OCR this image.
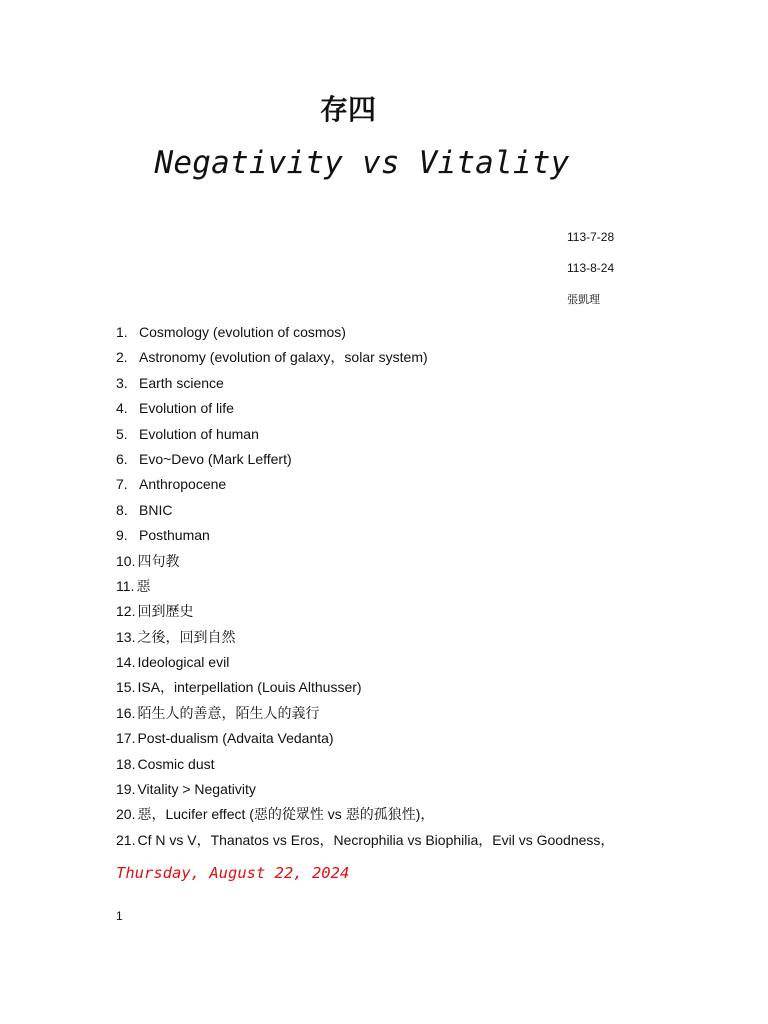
存四
Negativity vs Vitality
113-7-28
113-8-24
張凱理
1. Cosmology (evolution of cosmos)
2. Astronomy (evolution of galaxy，solar system)
3. Earth science
4. Evolution of life
5. Evolution of human
6. Evo~Devo (Mark Leffert)
7. Anthropocene
8. BNIC
9. Posthuman
10. 四句教
11. 惡
12. 回到歷史
13. 之後，回到自然
14. Ideological evil
15. ISA，interpellation (Louis Althusser)
16. 陌生人的善意，陌生人的義行
17. Post-dualism (Advaita Vedanta)
18. Cosmic dust
19. Vitality > Negativity
20. 惡，Lucifer effect (惡的從眾性 vs 惡的孤狼性)，
21. Cf N vs V，Thanatos vs Eros，Necrophilia vs Biophilia，Evil vs Goodness，
Thursday, August 22, 2024
1
